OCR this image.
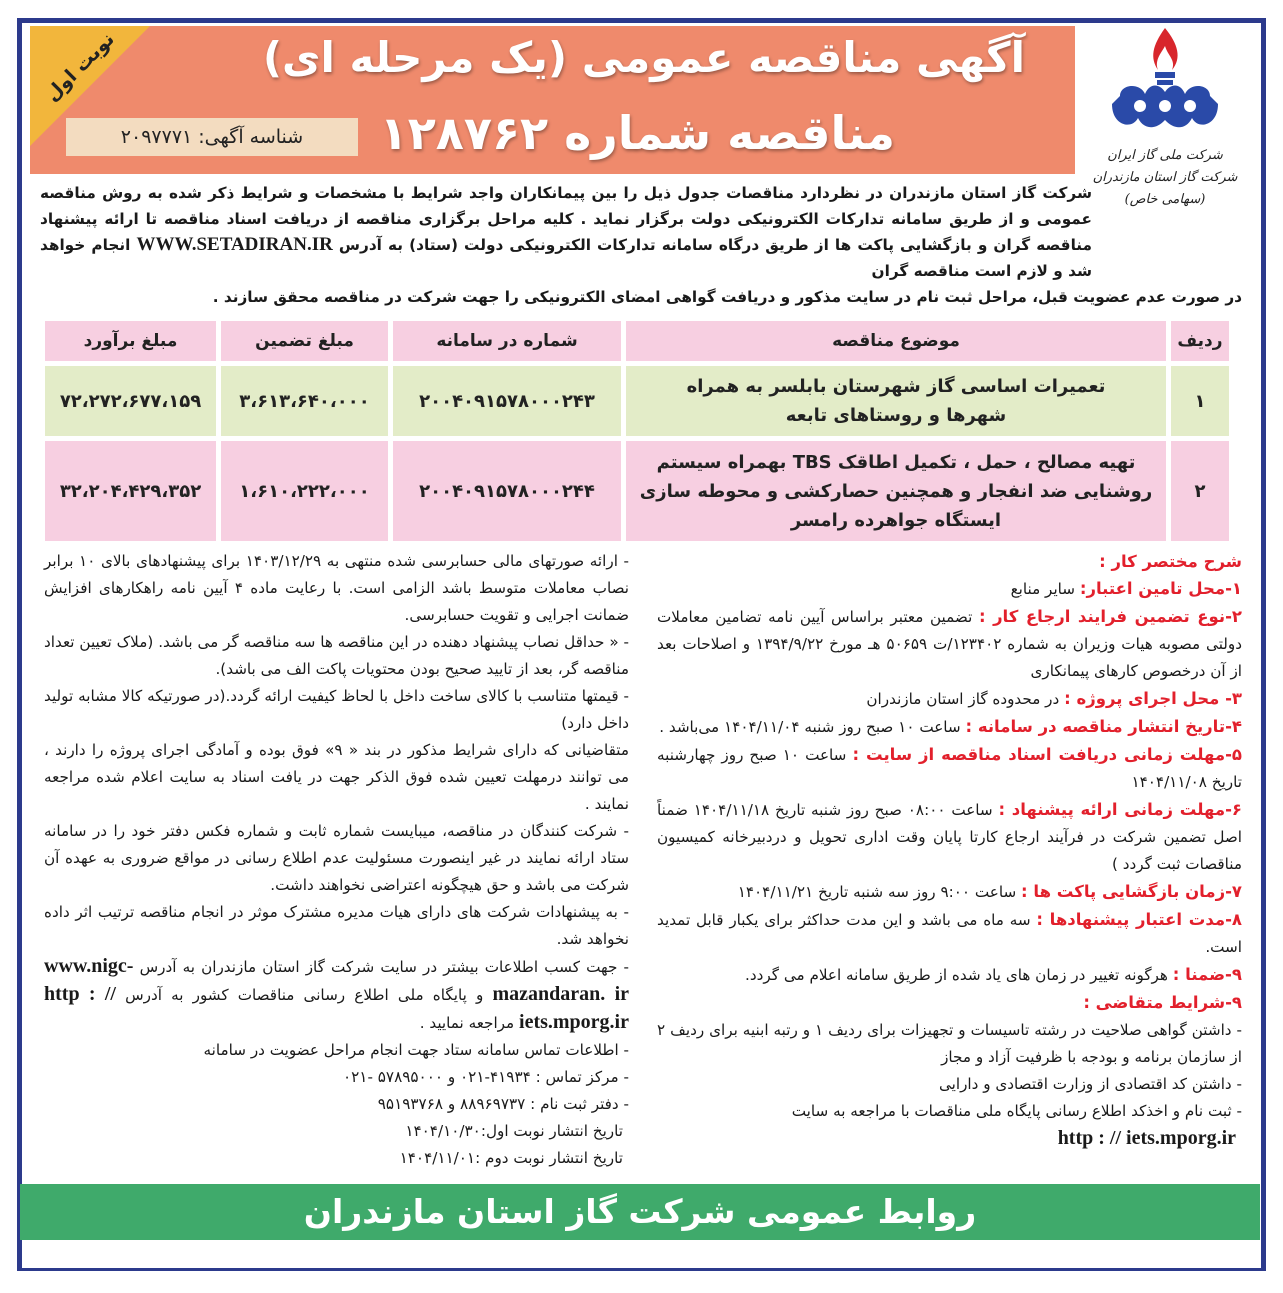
نوبت اول	آگهی مناقصه عمومی (یک مرحله ای)
مناقصه شماره ۱۲۸۷۶۲
شناسه آگهی: ۲۰۹۷۷۷۱
شرکت ملی گاز ایران
شرکت گاز استان مازندران
(سهامی خاص)
شرکت گاز استان مازندران در نظردارد مناقصات جدول ذیل را بین پیمانکاران واجد شرایط با مشخصات و شرایط ذکر شده به روش مناقصه عمومی و از طریق سامانه تدارکات الکترونیکی دولت برگزار نماید . کلیه مراحل برگزاری مناقصه از دریافت اسناد مناقصه تا ارائه پیشنهاد مناقصه گران و بازگشایی پاکت ها از طریق درگاه سامانه تدارکات الکترونیکی دولت (ستاد) به آدرس WWW.SETADIRAN.IR انجام خواهد شد و لازم است مناقصه گران
در صورت عدم عضویت قبل، مراحل ثبت نام در سایت مذکور و دریافت گواهی امضای الکترونیکی را جهت شرکت در مناقصه محقق سازند .
ردیف	موضوع مناقصه	شماره در سامانه	مبلغ تضمین	مبلغ برآورد
۱	تعمیرات اساسی گاز شهرستان بابلسر به همراه شهرها و روستاهای تابعه	۲۰۰۴۰۹۱۵۷۸۰۰۰۲۴۳	۳،۶۱۳،۶۴۰،۰۰۰	۷۲،۲۷۲،۶۷۷،۱۵۹
۲	تهیه مصالح ، حمل ، تکمیل اطاقک TBS بهمراه سیستم روشنایی ضد انفجار و همچنین حصارکشی و محوطه سازی ایستگاه جواهرده رامسر	۲۰۰۴۰۹۱۵۷۸۰۰۰۲۴۴	۱،۶۱۰،۲۲۲،۰۰۰	۳۲،۲۰۴،۴۲۹،۳۵۲
شرح مختصر کار :
۱-محل تامین اعتبار: سایر منابع
۲-نوع تضمین فرایند ارجاع کار : تضمین معتبر براساس آیین نامه تضامین معاملات دولتی مصوبه هیات وزیران به شماره ۱۲۳۴۰۲/ت ۵۰۶۵۹ هـ مورخ ۱۳۹۴/۹/۲۲ و اصلاحات بعد از آن درخصوص کارهای پیمانکاری
۳- محل اجرای پروژه : در محدوده گاز استان مازندران
۴-تاریخ انتشار مناقصه در سامانه : ساعت ۱۰ صبح روز شنبه ۱۴۰۴/۱۱/۰۴ می‌باشد .
۵-مهلت زمانی دریافت اسناد مناقصه از سایت : ساعت ۱۰ صبح روز چهارشنبه تاریخ ۱۴۰۴/۱۱/۰۸
۶-مهلت زمانی ارائه پیشنهاد : ساعت ۰۸:۰۰ صبح روز شنبه تاریخ ۱۴۰۴/۱۱/۱۸ ضمناً اصل تضمین شرکت در فرآیند ارجاع کارتا پایان وقت اداری تحویل و دردبیرخانه کمیسیون مناقصات ثبت گردد )
۷-زمان بازگشایی پاکت ها : ساعت ۹:۰۰ روز سه شنبه تاریخ ۱۴۰۴/۱۱/۲۱
۸-مدت اعتبار پیشنهادها : سه ماه می باشد و این مدت حداکثر برای یکبار قابل تمدید است.
۹-ضمنا : هرگونه تغییر در زمان های یاد شده از طریق سامانه اعلام می گردد.
۹-شرایط متقاضی :
- داشتن گواهی صلاحیت در رشته تاسیسات و تجهیزات برای ردیف ۱ و رتبه ابنیه برای ردیف ۲ از سازمان برنامه و بودجه با ظرفیت آزاد و مجاز
- داشتن کد اقتصادی از وزارت اقتصادی و دارایی
- ثبت نام و اخذکد اطلاع رسانی پایگاه ملی مناقصات با مراجعه به سایت
http : // iets.mporg.ir
- ارائه صورتهای مالی حسابرسی شده منتهی به ۱۴۰۳/۱۲/۲۹ برای پیشنهادهای بالای ۱۰ برابر نصاب معاملات متوسط باشد الزامی است. با رعایت ماده ۴ آیین نامه راهکارهای افزایش ضمانت اجرایی و تقویت حسابرسی.
- « حداقل نصاب پیشنهاد دهنده در این مناقصه ها سه مناقصه گر می باشد. (ملاک تعیین تعداد مناقصه گر، بعد از تایید صحیح بودن محتویات پاکت الف می باشد).
- قیمتها متناسب با کالای ساخت داخل با لحاظ کیفیت ارائه گردد.(در صورتیکه کالا مشابه تولید داخل دارد)
متقاضیانی که دارای شرایط مذکور در بند « ۹» فوق بوده و آمادگی اجرای پروژه را دارند ، می توانند درمهلت تعیین شده فوق الذکر جهت در یافت اسناد به سایت اعلام شده مراجعه نمایند .
- شرکت کنندگان در مناقصه، میبایست شماره ثابت و شماره فکس دفتر خود را در سامانه ستاد ارائه نمایند در غیر اینصورت مسئولیت عدم اطلاع رسانی در مواقع ضروری به عهده آن شرکت می باشد و حق هیچگونه اعتراضی نخواهند داشت.
- به پیشنهادات شرکت های دارای هیات مدیره مشترک موثر در انجام مناقصه ترتیب اثر داده نخواهد شد.
- جهت کسب اطلاعات بیشتر در سایت شرکت گاز استان مازندران به آدرس www.nigc-mazandaran. ir و پایگاه ملی اطلاع رسانی مناقصات کشور به آدرس http : // iets.mporg.ir مراجعه نمایید .
- اطلاعات تماس سامانه ستاد جهت انجام مراحل عضویت در سامانه
- مرکز تماس : ۴۱۹۳۴-۰۲۱ و ۵۷۸۹۵۰۰۰ -۰۲۱
- دفتر ثبت نام : ۸۸۹۶۹۷۳۷ و ۹۵۱۹۳۷۶۸
تاریخ انتشار نوبت اول:۱۴۰۴/۱۰/۳۰
تاریخ انتشار نوبت دوم :۱۴۰۴/۱۱/۰۱
روابط عمومی شرکت گاز استان مازندران
